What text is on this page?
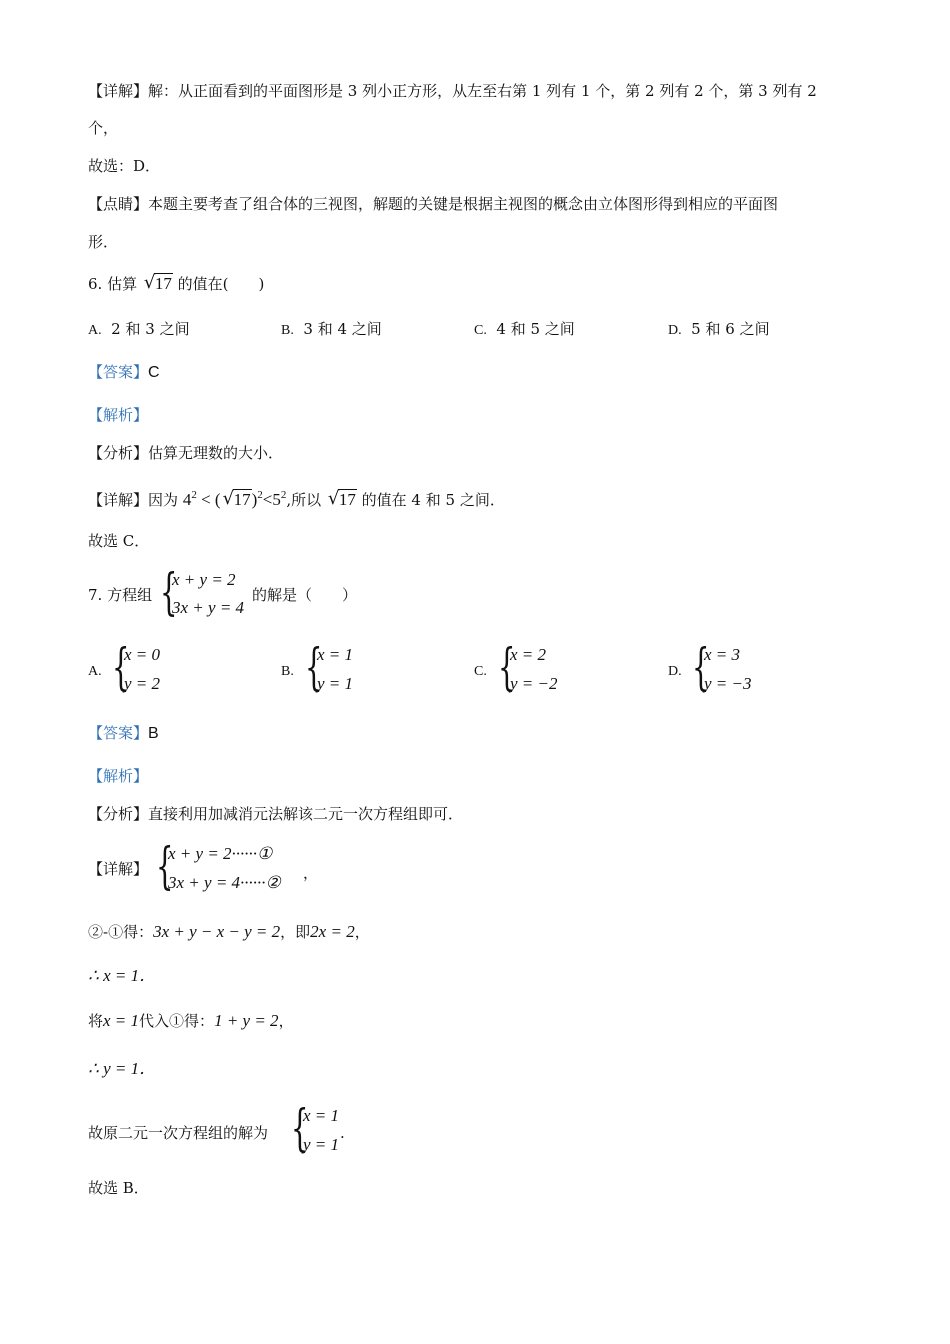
【详解】解：从正面看到的平面图形是 3 列小正方形，从左至右第 1 列有 1 个，第 2 列有 2 个，第 3 列有 2
个，
故选：D．
【点睛】本题主要考查了组合体的三视图，解题的关键是根据主视图的概念由立体图形得到相应的平面图
形．
6. 估算 √ 17 的值在(　　)
A. 2 和 3 之间	B. 3 和 4 之间	C. 4 和 5 之间	D. 5 和 6 之间
【答案】C
【解析】
【分析】估算无理数的大小．
【详解】因为 $4^2$ < ( √ $17)^2<5^2$,所以 √ 17 的值在 4 和 5 之间．
故选 C．
7. 方程组 {
x + y = 2
3x + y = 4
的解是（　　）
A. {
x = 0
y = 2
B. {
x = 1
y = 1
C. {
x = 2
y = −2
D. {
x = 3
y = −3
【答案】B
【解析】
【分析】直接利用加减消元法解该二元一次方程组即可．
【详解】 {
x + y = 2······①
3x + y = 4······② ，
②-①得：3x + y − x − y = 2，即2x = 2，
∴ x = 1．
将x = 1代入①得：1 + y = 2，
∴ y = 1．
故原二元一次方程组的解为 {
x = 1
y = 1
.
故选 B．
